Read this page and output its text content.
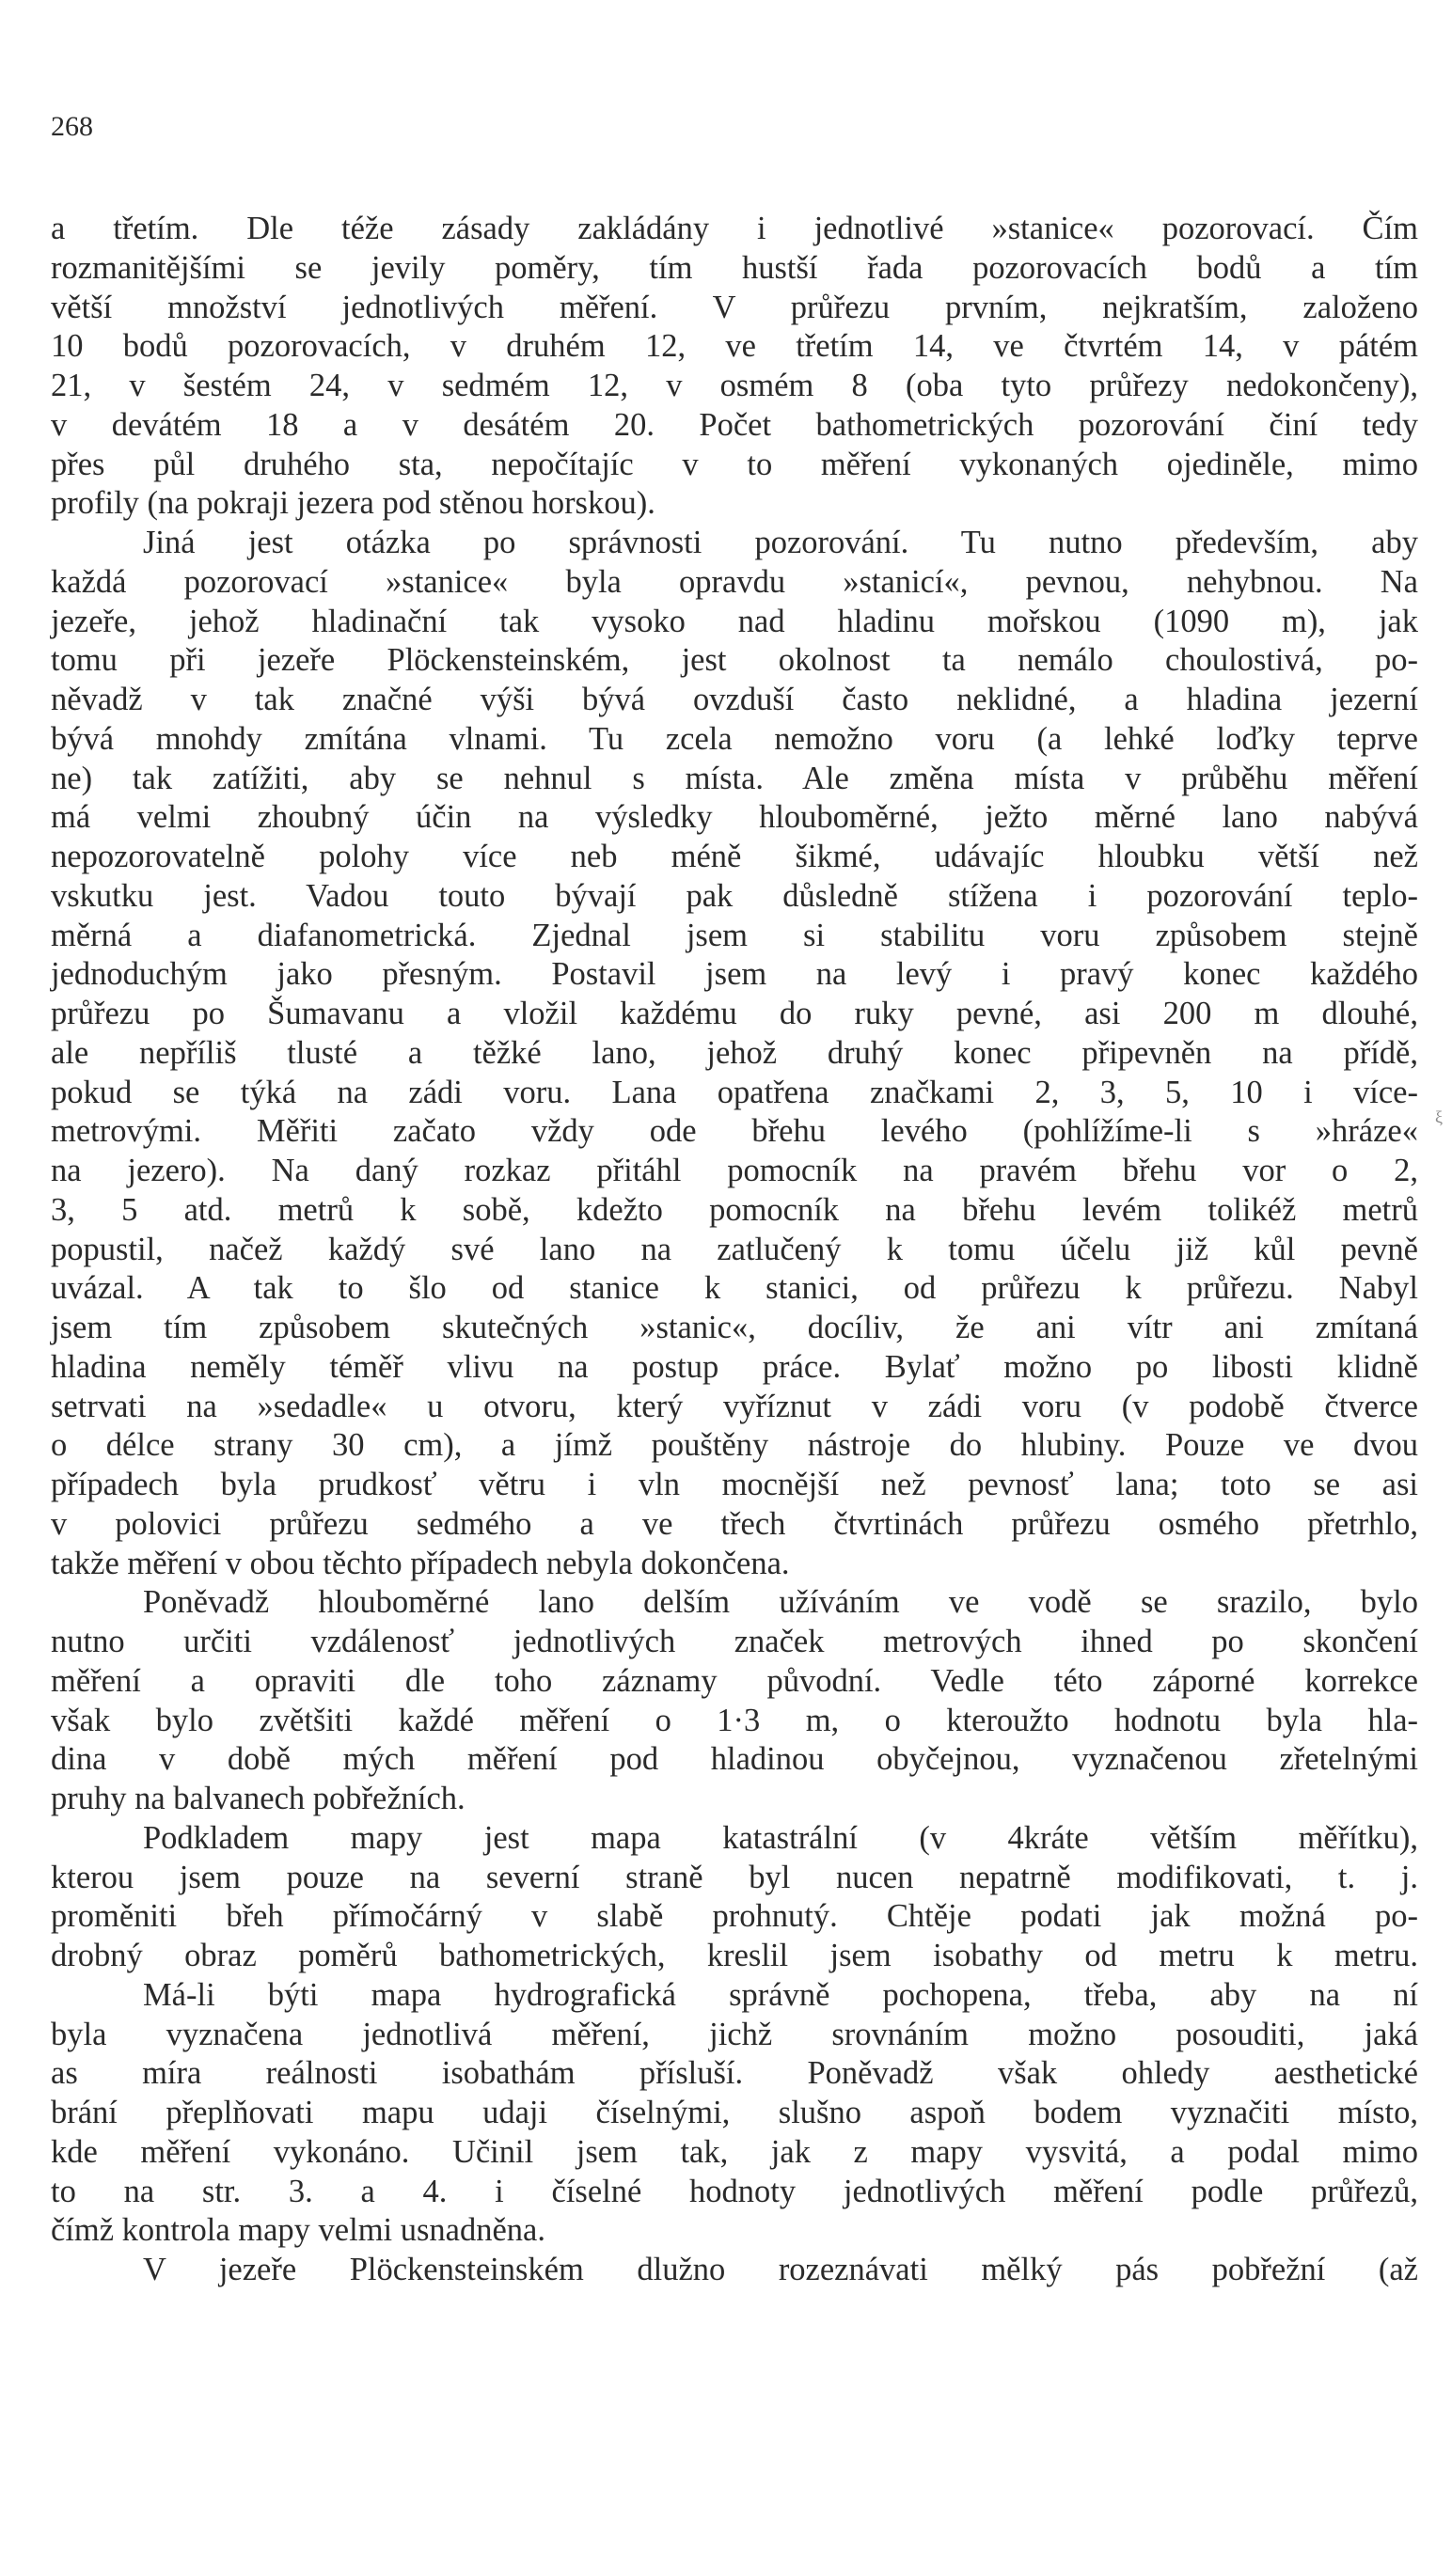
268
a třetím. Dle téže zásady zakládány i jednotlivé »stanice« pozorovací. Čím
rozmanitějšími se jevily poměry, tím hustší řada pozorovacích bodů a tím
větší množství jednotlivých měření. V průřezu prvním, nejkratším, založeno
10 bodů pozorovacích, v druhém 12, ve třetím 14, ve čtvrtém 14, v pátém
21, v šestém 24, v sedmém 12, v osmém 8 (oba tyto průřezy nedokončeny),
v devátém 18 a v desátém 20. Počet bathometrických pozorování činí tedy
přes půl druhého sta, nepočítajíc v to měření vykonaných ojediněle, mimo
profily (na pokraji jezera pod stěnou horskou).
Jiná jest otázka po správnosti pozorování. Tu nutno především, aby
každá pozorovací »stanice« byla opravdu »stanicí«, pevnou, nehybnou. Na
jezeře, jehož hladinační tak vysoko nad hladinu mořskou (1090 m), jak
tomu při jezeře Plöckensteinském, jest okolnost ta nemálo choulostivá, po-
něvadž v tak značné výši bývá ovzduší často neklidné, a hladina jezerní
bývá mnohdy zmítána vlnami. Tu zcela nemožno voru (a lehké loďky teprve
ne) tak zatížiti, aby se nehnul s místa. Ale změna místa v průběhu měření
má velmi zhoubný účin na výsledky hlouboměrné, ježto měrné lano nabývá
nepozorovatelně polohy více neb méně šikmé, udávajíc hloubku větší než
vskutku jest. Vadou touto bývají pak důsledně stížena i pozorování teplo-
měrná a diafanometrická. Zjednal jsem si stabilitu voru způsobem stejně
jednoduchým jako přesným. Postavil jsem na levý i pravý konec každého
průřezu po Šumavanu a vložil každému do ruky pevné, asi 200 m dlouhé,
ale nepříliš tlusté a těžké lano, jehož druhý konec připevněn na přídě,
pokud se týká na zádi voru. Lana opatřena značkami 2, 3, 5, 10 i více-
metrovými. Měřiti začato vždy ode břehu levého (pohlížíme-li s »hráze«
na jezero). Na daný rozkaz přitáhl pomocník na pravém břehu vor o 2,
3, 5 atd. metrů k sobě, kdežto pomocník na břehu levém tolikéž metrů
popustil, načež každý své lano na zatlučený k tomu účelu již kůl pevně
uvázal. A tak to šlo od stanice k stanici, od průřezu k průřezu. Nabyl
jsem tím způsobem skutečných »stanic«, docíliv, že ani vítr ani zmítaná
hladina neměly téměř vlivu na postup práce. Bylať možno po libosti klidně
setrvati na »sedadle« u otvoru, který vyříznut v zádi voru (v podobě čtverce
o délce strany 30 cm), a jímž pouštěny nástroje do hlubiny. Pouze ve dvou
případech byla prudkosť větru i vln mocnější než pevnosť lana; toto se asi
v polovici průřezu sedmého a ve třech čtvrtinách průřezu osmého přetrhlo,
takže měření v obou těchto případech nebyla dokončena.
Poněvadž hlouboměrné lano delším užíváním ve vodě se srazilo, bylo
nutno určiti vzdálenosť jednotlivých značek metrových ihned po skončení
měření a opraviti dle toho záznamy původní. Vedle této záporné korrekce
však bylo zvětšiti každé měření o 1·3 m, o kteroužto hodnotu byla hla-
dina v době mých měření pod hladinou obyčejnou, vyznačenou zřetelnými
pruhy na balvanech pobřežních.
Podkladem mapy jest mapa katastrální (v 4kráte větším měřítku),
kterou jsem pouze na severní straně byl nucen nepatrně modifikovati, t. j.
proměniti břeh přímočárný v slabě prohnutý. Chtěje podati jak možná po-
drobný obraz poměrů bathometrických, kreslil jsem isobathy od metru k metru.
Má-li býti mapa hydrografická správně pochopena, třeba, aby na ní
byla vyznačena jednotlivá měření, jichž srovnáním možno posouditi, jaká
as míra reálnosti isobathám přísluší. Poněvadž však ohledy aesthetické
brání přeplňovati mapu udaji číselnými, slušno aspoň bodem vyznačiti místo,
kde měření vykonáno. Učinil jsem tak, jak z mapy vysvitá, a podal mimo
to na str. 3. a 4. i číselné hodnoty jednotlivých měření podle průřezů,
čímž kontrola mapy velmi usnadněna.
V jezeře Plöckensteinském dlužno rozeznávati mělký pás pobřežní (až
ξ
